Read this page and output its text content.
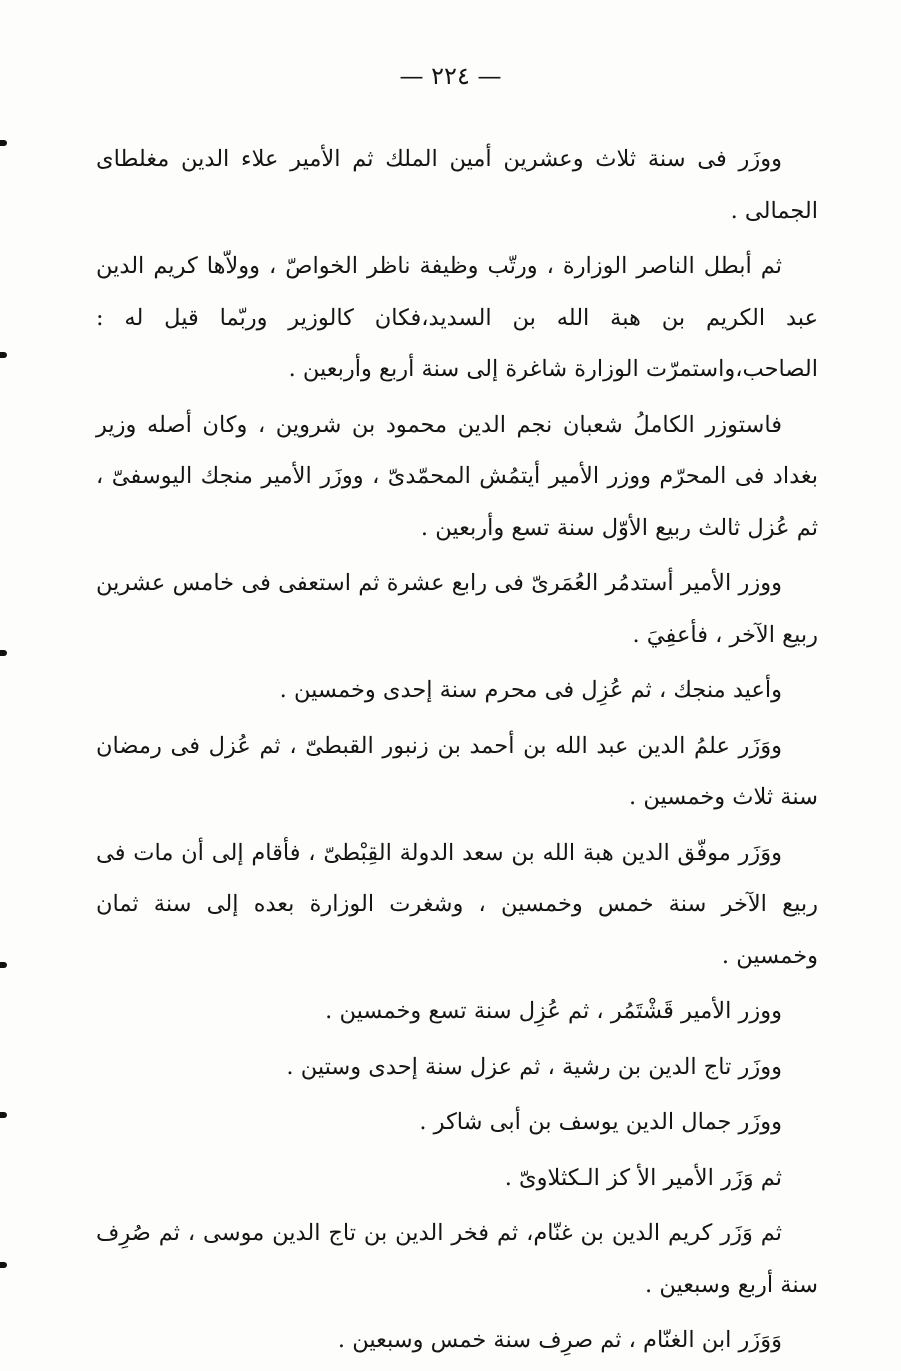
— ٢٢٤ —

ووزَر فى سنة ثلاث وعشرين أمين الملك ثم الأمير علاء الدين مغلطاى الجمالى .

ثم أبطل الناصر الوزارة ، ورتّب وظيفة ناظر الخواصّ ، وولاّها كريم الدين عبد الكريم بن هبة الله بن السديد،فكان كالوزير وربّما قيل له : الصاحب،واستمرّت الوزارة شاغرة إلى سنة أربع وأربعين .

فاستوزر الكاملُ شعبان نجم الدين محمود بن شروين ، وكان أصله وزير بغداد فى المحرّم ووزر الأمير أيتمُش المحمّدىّ ، ووزَر الأمير منجك اليوسفىّ ، ثم عُزل ثالث ربيع الأوّل سنة تسع وأربعين .

ووزر الأمير أستدمُر العُمَرىّ فى رابع عشرة ثم استعفى فى خامس عشرين ربيع الآخر ، فأعفِيَ .

وأعيد منجك ، ثم عُزِل فى محرم سنة إحدى وخمسين .

ووَزَر علمُ الدين عبد الله بن أحمد بن زنبور القبطىّ ، ثم عُزل فى رمضان سنة ثلاث وخمسين .

ووَزَر موفّق الدين هبة الله بن سعد الدولة القِبْطىّ ، فأقام إلى أن مات فى ربيع الآخر سنة خمس وخمسين ، وشغرت الوزارة بعده إلى سنة ثمان وخمسين .

ووزر الأمير قَشْتَمُر ، ثم عُزِل سنة تسع وخمسين .

ووزَر تاج الدين بن رشية ، ثم عزل سنة إحدى وستين .

ووزَر جمال الدين يوسف بن أبى شاكر .

ثم وَزَر الأمير الأ كز الـكثلاوىّ .

ثم وَزَر كريم الدين بن غنّام، ثم فخر الدين بن تاج الدين موسى ، ثم صُرِف سنة أربع وسبعين .

وَوَزَر ابن الغنّام ، ثم صرِف سنة خمس وسبعين .
